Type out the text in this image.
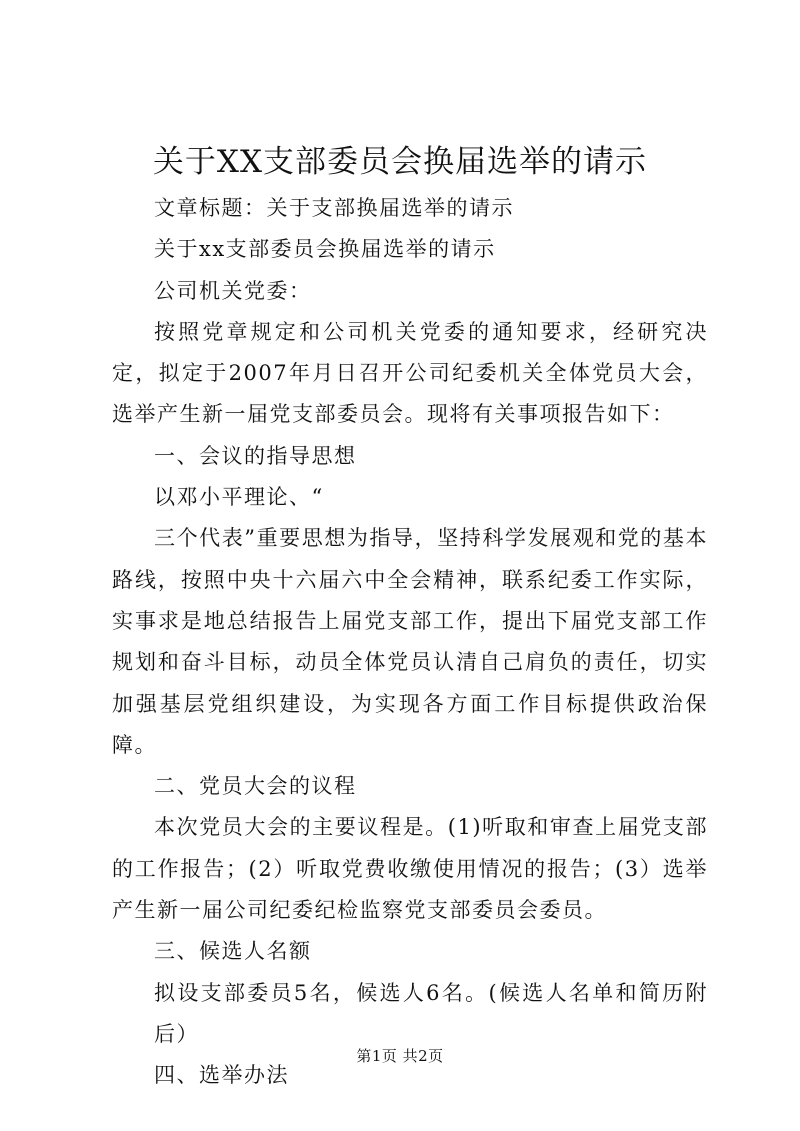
关于XX支部委员会换届选举的请示

文章标题：关于支部换届选举的请示

关于xx支部委员会换届选举的请示

公司机关党委：

按照党章规定和公司机关党委的通知要求，经研究决定，拟定于2007年月日召开公司纪委机关全体党员大会，选举产生新一届党支部委员会。现将有关事项报告如下：

一、会议的指导思想

以邓小平理论、“

三个代表”重要思想为指导，坚持科学发展观和党的基本路线，按照中央十六届六中全会精神，联系纪委工作实际，实事求是地总结报告上届党支部工作，提出下届党支部工作规划和奋斗目标，动员全体党员认清自己肩负的责任，切实加强基层党组织建设，为实现各方面工作目标提供政治保障。

二、党员大会的议程

本次党员大会的主要议程是。(1)听取和审查上届党支部的工作报告；(2）听取党费收缴使用情况的报告；(3）选举产生新一届公司纪委纪检监察党支部委员会委员。

三、候选人名额

拟设支部委员5名，候选人6名。(候选人名单和简历附后）

四、选举办法

第1页 共2页
